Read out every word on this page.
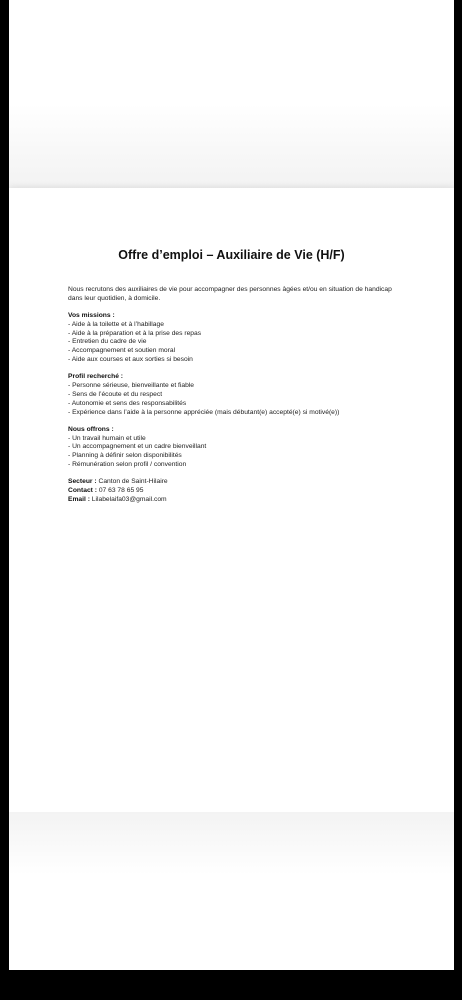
Offre d’emploi – Auxiliaire de Vie (H/F)

Nous recrutons des auxiliaires de vie pour accompagner des personnes âgées et/ou en situation de handicap dans leur quotidien, à domicile.

Vos missions :
- Aide à la toilette et à l’habillage
- Aide à la préparation et à la prise des repas
- Entretien du cadre de vie
- Accompagnement et soutien moral
- Aide aux courses et aux sorties si besoin
Profil recherché :
- Personne sérieuse, bienveillante et fiable
- Sens de l’écoute et du respect
- Autonomie et sens des responsabilités
- Expérience dans l’aide à la personne appréciée (mais débutant(e) accepté(e) si motivé(e))
Nous offrons :
- Un travail humain et utile
- Un accompagnement et un cadre bienveillant
- Planning à définir selon disponibilités
- Rémunération selon profil / convention
Secteur : Canton de Saint-Hilaire
Contact : 07 63 78 65 95
Email : Lilabelaifa03@gmail.com
